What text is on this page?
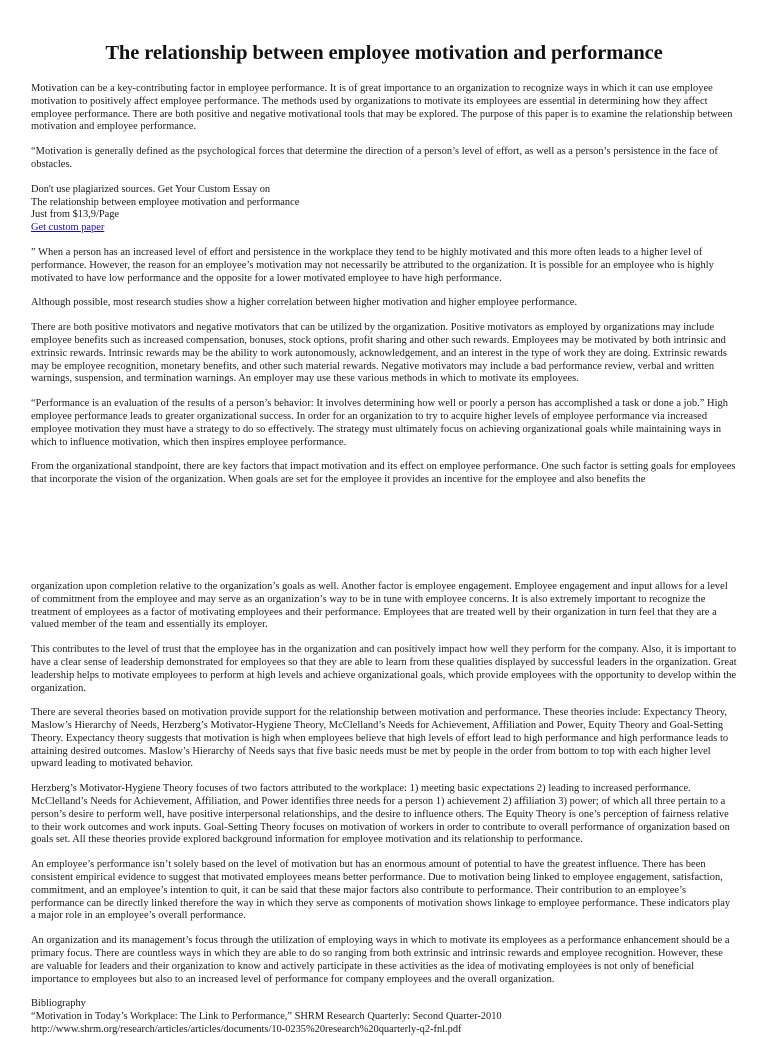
The relationship between employee motivation and performance

Motivation can be a key-contributing factor in employee performance. It is of great importance to an organization to recognize ways in which it can use employee motivation to positively affect employee performance. The methods used by organizations to motivate its employees are essential in determining how they affect employee performance. There are both positive and negative motivational tools that may be explored. The purpose of this paper is to examine the relationship between motivation and employee performance.

“Motivation is generally defined as the psychological forces that determine the direction of a person’s level of effort, as well as a person’s persistence in the face of obstacles.

Don't use plagiarized sources. Get Your Custom Essay on
The relationship between employee motivation and performance
Just from $13,9/Page
Get custom paper

” When a person has an increased level of effort and persistence in the workplace they tend to be highly motivated and this more often leads to a higher level of performance. However, the reason for an employee’s motivation may not necessarily be attributed to the organization. It is possible for an employee who is highly motivated to have low performance and the opposite for a lower motivated employee to have high performance.

Although possible, most research studies show a higher correlation between higher motivation and higher employee performance.

There are both positive motivators and negative motivators that can be utilized by the organization. Positive motivators as employed by organizations may include employee benefits such as increased compensation, bonuses, stock options, profit sharing and other such rewards. Employees may be motivated by both intrinsic and extrinsic rewards. Intrinsic rewards may be the ability to work autonomously, acknowledgement, and an interest in the type of work they are doing. Extrinsic rewards may be employee recognition, monetary benefits, and other such material rewards. Negative motivators may include a bad performance review, verbal and written warnings, suspension, and termination warnings. An employer may use these various methods in which to motivate its employees.

“Performance is an evaluation of the results of a person’s behavior: It involves determining how well or poorly a person has accomplished a task or done a job.” High employee performance leads to greater organizational success. In order for an organization to try to acquire higher levels of employee performance via increased employee motivation they must have a strategy to do so effectively. The strategy must ultimately focus on achieving organizational goals while maintaining ways in which to influence motivation, which then inspires employee performance.

From the organizational standpoint, there are key factors that impact motivation and its effect on employee performance. One such factor is setting goals for employees that incorporate the vision of the organization. When goals are set for the employee it provides an incentive for the employee and also benefits the

organization upon completion relative to the organization’s goals as well. Another factor is employee engagement. Employee engagement and input allows for a level of commitment from the employee and may serve as an organization’s way to be in tune with employee concerns. It is also extremely important to recognize the treatment of employees as a factor of motivating employees and their performance. Employees that are treated well by their organization in turn feel that they are a valued member of the team and essentially its employer.

This contributes to the level of trust that the employee has in the organization and can positively impact how well they perform for the company. Also, it is important to have a clear sense of leadership demonstrated for employees so that they are able to learn from these qualities displayed by successful leaders in the organization. Great leadership helps to motivate employees to perform at high levels and achieve organizational goals, which provide employees with the opportunity to develop within the organization.

There are several theories based on motivation provide support for the relationship between motivation and performance. These theories include: Expectancy Theory, Maslow’s Hierarchy of Needs, Herzberg’s Motivator-Hygiene Theory, McClelland’s Needs for Achievement, Affiliation and Power, Equity Theory and Goal-Setting Theory. Expectancy theory suggests that motivation is high when employees believe that high levels of effort lead to high performance and high performance leads to attaining desired outcomes. Maslow’s Hierarchy of Needs says that five basic needs must be met by people in the order from bottom to top with each higher level upward leading to motivated behavior.

Herzberg’s Motivator-Hygiene Theory focuses of two factors attributed to the workplace: 1) meeting basic expectations 2) leading to increased performance. McClelland’s Needs for Achievement, Affiliation, and Power identifies three needs for a person 1) achievement 2) affiliation 3) power; of which all three pertain to a person’s desire to perform well, have positive interpersonal relationships, and the desire to influence others. The Equity Theory is one’s perception of fairness relative to their work outcomes and work inputs. Goal-Setting Theory focuses on motivation of workers in order to contribute to overall performance of organization based on goals set. All these theories provide explored background information for employee motivation and its relationship to performance.

An employee’s performance isn’t solely based on the level of motivation but has an enormous amount of potential to have the greatest influence. There has been consistent empirical evidence to suggest that motivated employees means better performance. Due to motivation being linked to employee engagement, satisfaction, commitment, and an employee’s intention to quit, it can be said that these major factors also contribute to performance. Their contribution to an employee’s performance can be directly linked therefore the way in which they serve as components of motivation shows linkage to employee performance. These indicators play a major role in an employee’s overall performance.

An organization and its management’s focus through the utilization of employing ways in which to motivate its employees as a performance enhancement should be a primary focus. There are countless ways in which they are able to do so ranging from both extrinsic and intrinsic rewards and employee recognition. However, these are valuable for leaders and their organization to know and actively participate in these activities as the idea of motivating employees is not only of beneficial importance to employees but also to an increased level of performance for company employees and the overall organization.

Bibliography
“Motivation in Today’s Workplace: The Link to Performance,” SHRM Research Quarterly: Second Quarter-2010
http://www.shrm.org/research/articles/articles/documents/10-0235%20research%20quarterly-q2-fnl.pdf
